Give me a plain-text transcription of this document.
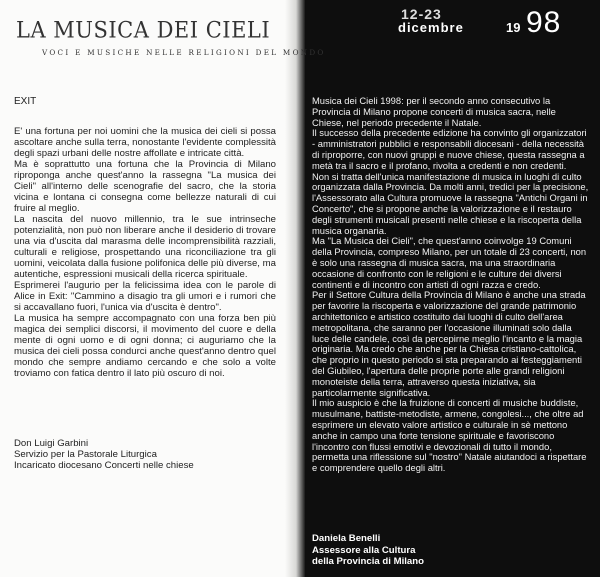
LA MUSICA DEI CIELI
VOCI E MUSICHE NELLE RELIGIONI DEL MONDO
EXIT

E' una fortuna per noi uomini che la musica dei cieli si possa ascoltare anche sulla terra, nonostante l'evidente complessità degli spazi urbani delle nostre affollate e intricate città.

Ma è soprattutto una fortuna che la Provincia di Milano riproponga anche quest'anno la rassegna "La musica dei Cieli" all'interno delle scenografie del sacro, che la storia vicina e lontana ci consegna come bellezze naturali di cui fruire al meglio.

La nascita del nuovo millennio, tra le sue intrinseche potenzialità, non può non liberare anche il desiderio di trovare una via d'uscita dal marasma delle incomprensibilità razziali, culturali e religiose, prospettando una riconciliazione tra gli uomini, veicolata dalla fusione polifonica delle più diverse, ma autentiche, espressioni musicali della ricerca spirituale.

Esprimerei l'augurio per la felicissima idea con le parole di Alice in Exit: "Cammino a disagio tra gli umori e i rumori che si accavallano fuori, l'unica via d'uscita è dentro".

La musica ha sempre accompagnato con una forza ben più magica dei semplici discorsi, il movimento del cuore e della mente di ogni uomo e di ogni donna; ci auguriamo che la musica dei cieli possa condurci anche quest'anno dentro quel mondo che sempre andiamo cercando e che solo a volte troviamo con fatica dentro il lato più oscuro di noi.

Don Luigi Garbini
Servizio per la Pastorale Liturgica
Incaricato diocesano Concerti nelle chiese
12-23
dicembre	19 98

Musica dei Cieli 1998: per il secondo anno consecutivo la Provincia di Milano propone concerti di musica sacra, nelle Chiese, nel periodo precedente il Natale.

Il successo della precedente edizione ha convinto gli organizzatori - amministratori pubblici e responsabili diocesani - della necessità di riproporre, con nuovi gruppi e nuove chiese, questa rassegna a metà tra il sacro e il profano, rivolta a credenti e non credenti.

Non si tratta dell'unica manifestazione di musica in luoghi di culto organizzata dalla Provincia. Da molti anni, tredici per la precisione, l'Assessorato alla Cultura promuove la rassegna "Antichi Organi in Concerto", che si propone anche la valorizzazione e il restauro degli strumenti musicali presenti nelle chiese e la riscoperta della musica organaria.

Ma "La Musica dei Cieli", che quest'anno coinvolge 19 Comuni della Provincia, compreso Milano, per un totale di 23 concerti, non è solo una rassegna di musica sacra, ma una straordinaria occasione di confronto con le religioni e le culture dei diversi continenti e di incontro con artisti di ogni razza e credo.

Per il Settore Cultura della Provincia di Milano è anche una strada per favorire la riscoperta e valorizzazione del grande patrimonio architettonico e artistico costituito dai luoghi di culto dell'area metropolitana, che saranno per l'occasione illuminati solo dalla luce delle candele, così da percepirne meglio l'incanto e la magia originaria. Ma credo che anche per la Chiesa cristiano-cattolica, che proprio in questo periodo si sta preparando ai festeggiamenti del Giubileo, l'apertura delle proprie porte alle grandi religioni monoteiste della terra, attraverso questa iniziativa, sia particolarmente significativa.

Il mio auspicio è che la fruizione di concerti di musiche buddiste, musulmane, battiste-metodiste, armene, congolesi..., che oltre ad esprimere un elevato valore artistico e culturale in sè mettono anche in campo una forte tensione spirituale e favoriscono l'incontro con flussi emotivi e devozionali di tutto il mondo, permetta una riflessione sul "nostro" Natale aiutandoci a rispettare e comprendere quello degli altri.

Daniela Benelli
Assessore alla Cultura
della Provincia di Milano
